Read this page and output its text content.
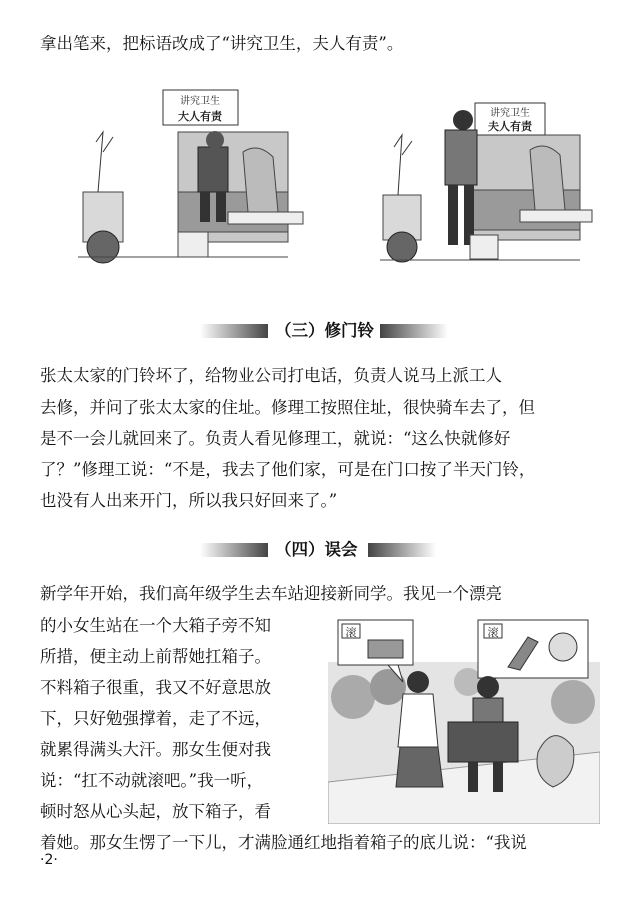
拿出笔来，把标语改成了“讲究卫生，夫人有责”。
讲究卫生
大人有责	讲究卫生
夫人有责
（三）修门铃
张太太家的门铃坏了，给物业公司打电话，负责人说马上派工人
去修，并问了张太太家的住址。修理工按照住址，很快骑车去了，但
是不一会儿就回来了。负责人看见修理工，就说：“这么快就修好
了？”修理工说：“不是，我去了他们家，可是在门口按了半天门铃，
也没有人出来开门，所以我只好回来了。”
（四）误会
新学年开始，我们高年级学生去车站迎接新同学。我见一个漂亮
的小女生站在一个大箱子旁不知
所措，便主动上前帮她扛箱子。
不料箱子很重，我又不好意思放
下，只好勉强撑着，走了不远，
就累得满头大汗。那女生便对我
说：“扛不动就滚吧。”我一听，
顿时怒从心头起，放下箱子，看
着她。那女生愣了一下儿，才满脸通红地指着箱子的底儿说：“我说
滚	滚
·2·
